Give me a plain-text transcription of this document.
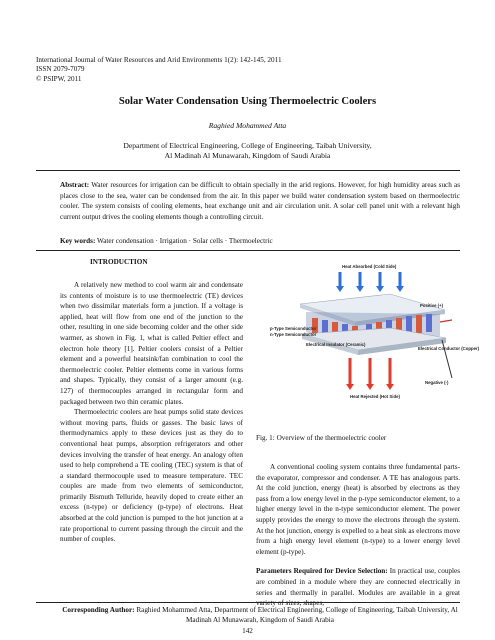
International Journal of Water Resources and Arid Environments 1(2): 142-145, 2011
ISSN 2079-7079
© PSIPW, 2011
Solar Water Condensation Using Thermoelectric Coolers
Raghied Mohammed Atta
Department of Electrical Engineering, College of Engineering, Taibah University,
Al Madinah Al Munawarah, Kingdom of Saudi Arabia
Abstract: Water resources for irrigation can be difficult to obtain specially in the arid regions. However, for high humidity areas such as places close to the sea, water can be condensed from the air. In this paper we build water condensation system based on thermoelectric cooler. The system consists of cooling elements, heat exchange unit and air circulation unit. A solar cell panel unit with a relevant high current output drives the cooling elements though a controlling circuit.
Key words: Water condensation · Irrigation · Solar cells · Thermoelectric
INTRODUCTION

A relatively new method to cool warm air and condensate its contents of moisture is to use thermoelectric (TE) devices when two dissimilar materials form a junction. If a voltage is applied, heat will flow from one end of the junction to the other, resulting in one side becoming colder and the other side warmer, as shown in Fig. 1, what is called Peltier effect and electron hole theory [1]. Peltier coolers consist of a Peltier element and a powerful heatsink/fan combination to cool the thermoelectric cooler. Peltier elements come in various forms and shapes. Typically, they consist of a larger amount (e.g. 127) of thermocouples arranged in rectangular form and packaged between two thin ceramic plates.

Thermoelectric coolers are heat pumps solid state devices without moving parts, fluids or gasses. The basic laws of thermodynamics apply to these devices just as they do to conventional heat pumps, absorption refrigerators and other devices involving the transfer of heat energy. An analogy often used to help comprehend a TE cooling (TEC) system is that of a standard thermocouple used to measure temperature. TEC couples are made from two elements of semiconductor, primarily Bismuth Telluride, heavily doped to create either an excess (n-type) or deficiency (p-type) of electrons. Heat absorbed at the cold junction is pumped to the hot junction at a rate proportional to current passing through the circuit and the number of couples.

Heat Absorbed (Cold Side)
Positive (+)
p-Type Semiconductor
n-Type Semiconductor
Electrical Insulator (Ceramic)
Electrical Conductor (Copper)
Negative (-)
Heat Rejected (Hot Side)
Fig. 1: Overview of the thermoelectric cooler

A conventional cooling system contains three fundamental parts-the evaporator, compressor and condenser. A TE has analogous parts. At the cold junction, energy (heat) is absorbed by electrons as they pass from a low energy level in the p-type semiconductor element, to a higher energy level in the n-type semiconductor element. The power supply provides the energy to move the electrons through the system. At the hot junction, energy is expelled to a heat sink as electrons move from a high energy level element (n-type) to a lower energy level element (p-type).

Parameters Required for Device Selection: In practical use, couples are combined in a module where they are connected electrically in series and thermally in parallel. Modules are available in a great variety of sizes, shapes,

Corresponding Author: Raghied Mohammed Atta, Department of Electrical Engineering, College of Engineering, Taibah University, Al Madinah Al Munawarah, Kingdom of Saudi Arabia
142
